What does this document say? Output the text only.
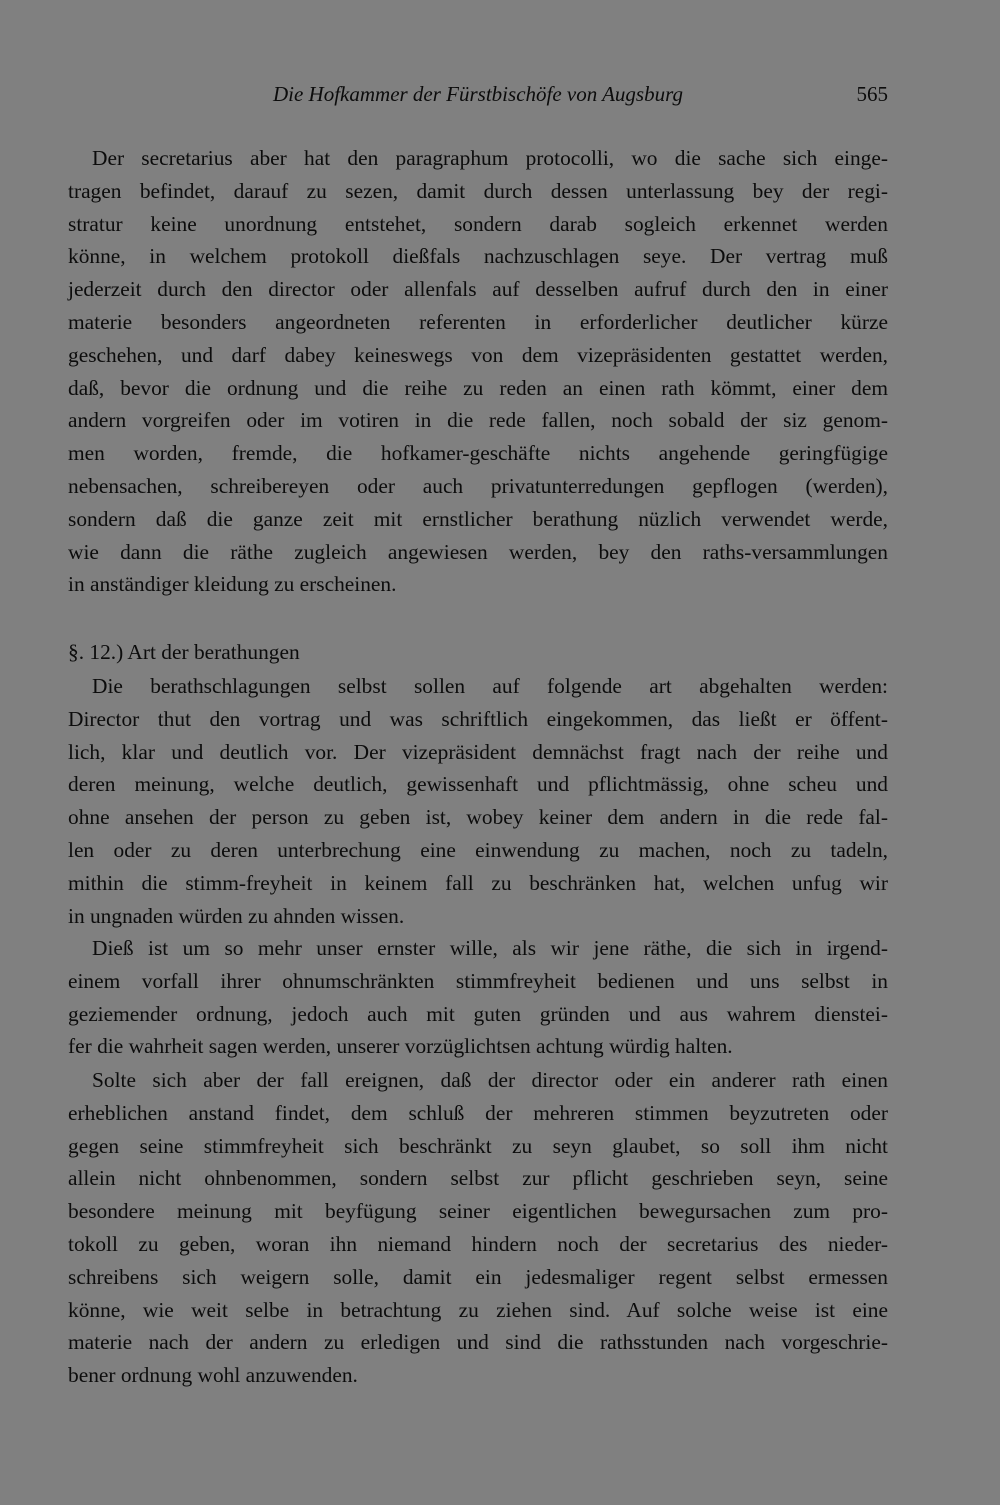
Die Hofkammer der Fürstbischöfe von Augsburg	565
Der secretarius aber hat den paragraphum protocolli, wo die sache sich einge-
tragen befindet, darauf zu sezen, damit durch dessen unterlassung bey der regi-
stratur keine unordnung entstehet, sondern darab sogleich erkennet werden
könne, in welchem protokoll dießfals nachzuschlagen seye. Der vertrag muß
jederzeit durch den director oder allenfals auf desselben aufruf durch den in einer
materie besonders angeordneten referenten in erforderlicher deutlicher kürze
geschehen, und darf dabey keineswegs von dem vizepräsidenten gestattet werden,
daß, bevor die ordnung und die reihe zu reden an einen rath kömmt, einer dem
andern vorgreifen oder im votiren in die rede fallen, noch sobald der siz genom-
men worden, fremde, die hofkamer-geschäfte nichts angehende geringfügige
nebensachen, schreibereyen oder auch privatunterredungen gepflogen (werden),
sondern daß die ganze zeit mit ernstlicher berathung nüzlich verwendet werde,
wie dann die räthe zugleich angewiesen werden, bey den raths-versammlungen
in anständiger kleidung zu erscheinen.
§. 12.) Art der berathungen
Die berathschlagungen selbst sollen auf folgende art abgehalten werden:
Director thut den vortrag und was schriftlich eingekommen, das ließt er öffent-
lich, klar und deutlich vor. Der vizepräsident demnächst fragt nach der reihe und
deren meinung, welche deutlich, gewissenhaft und pflichtmässig, ohne scheu und
ohne ansehen der person zu geben ist, wobey keiner dem andern in die rede fal-
len oder zu deren unterbrechung eine einwendung zu machen, noch zu tadeln,
mithin die stimm-freyheit in keinem fall zu beschränken hat, welchen unfug wir
in ungnaden würden zu ahnden wissen.
Dieß ist um so mehr unser ernster wille, als wir jene räthe, die sich in irgend-
einem vorfall ihrer ohnumschränkten stimmfreyheit bedienen und uns selbst in
geziemender ordnung, jedoch auch mit guten gründen und aus wahrem dienstei-
fer die wahrheit sagen werden, unserer vorzüglichtsen achtung würdig halten.
Solte sich aber der fall ereignen, daß der director oder ein anderer rath einen
erheblichen anstand findet, dem schluß der mehreren stimmen beyzutreten oder
gegen seine stimmfreyheit sich beschränkt zu seyn glaubet, so soll ihm nicht
allein nicht ohnbenommen, sondern selbst zur pflicht geschrieben seyn, seine
besondere meinung mit beyfügung seiner eigentlichen bewegursachen zum pro-
tokoll zu geben, woran ihn niemand hindern noch der secretarius des nieder-
schreibens sich weigern solle, damit ein jedesmaliger regent selbst ermessen
könne, wie weit selbe in betrachtung zu ziehen sind. Auf solche weise ist eine
materie nach der andern zu erledigen und sind die rathsstunden nach vorgeschrie-
bener ordnung wohl anzuwenden.
